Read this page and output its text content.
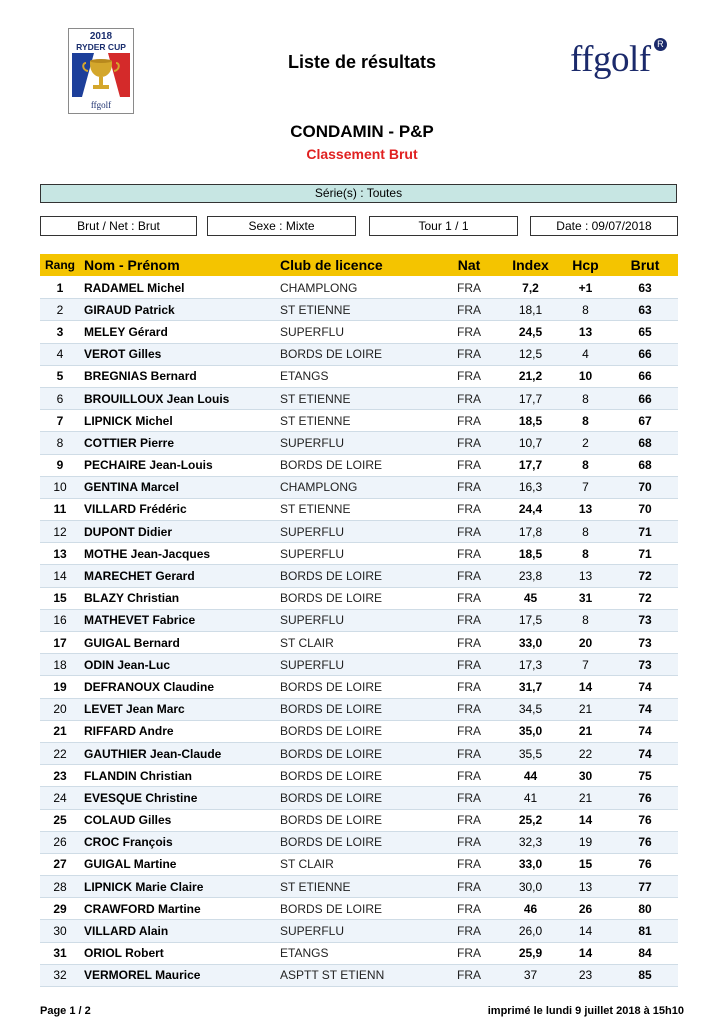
2018
RYDER CUP
ffgolf
ffgolf R
Liste de résultats
CONDAMIN - P&P
Classement Brut
Série(s) : Toutes
Brut / Net : Brut	Sexe : Mixte	Tour 1 / 1	Date : 09/07/2018
Rang	Nom - Prénom	Club de licence	Nat	Index	Hcp	Brut
1	RADAMEL Michel	CHAMPLONG	FRA	7,2	+1	63
2	GIRAUD Patrick	ST ETIENNE	FRA	18,1	8	63
3	MELEY Gérard	SUPERFLU	FRA	24,5	13	65
4	VEROT Gilles	BORDS DE LOIRE	FRA	12,5	4	66
5	BREGNIAS Bernard	ETANGS	FRA	21,2	10	66
6	BROUILLOUX Jean Louis	ST ETIENNE	FRA	17,7	8	66
7	LIPNICK Michel	ST ETIENNE	FRA	18,5	8	67
8	COTTIER Pierre	SUPERFLU	FRA	10,7	2	68
9	PECHAIRE Jean-Louis	BORDS DE LOIRE	FRA	17,7	8	68
10	GENTINA Marcel	CHAMPLONG	FRA	16,3	7	70
11	VILLARD Frédéric	ST ETIENNE	FRA	24,4	13	70
12	DUPONT Didier	SUPERFLU	FRA	17,8	8	71
13	MOTHE Jean-Jacques	SUPERFLU	FRA	18,5	8	71
14	MARECHET Gerard	BORDS DE LOIRE	FRA	23,8	13	72
15	BLAZY Christian	BORDS DE LOIRE	FRA	45	31	72
16	MATHEVET Fabrice	SUPERFLU	FRA	17,5	8	73
17	GUIGAL Bernard	ST CLAIR	FRA	33,0	20	73
18	ODIN Jean-Luc	SUPERFLU	FRA	17,3	7	73
19	DEFRANOUX Claudine	BORDS DE LOIRE	FRA	31,7	14	74
20	LEVET Jean Marc	BORDS DE LOIRE	FRA	34,5	21	74
21	RIFFARD Andre	BORDS DE LOIRE	FRA	35,0	21	74
22	GAUTHIER Jean-Claude	BORDS DE LOIRE	FRA	35,5	22	74
23	FLANDIN Christian	BORDS DE LOIRE	FRA	44	30	75
24	EVESQUE Christine	BORDS DE LOIRE	FRA	41	21	76
25	COLAUD Gilles	BORDS DE LOIRE	FRA	25,2	14	76
26	CROC François	BORDS DE LOIRE	FRA	32,3	19	76
27	GUIGAL Martine	ST CLAIR	FRA	33,0	15	76
28	LIPNICK Marie Claire	ST ETIENNE	FRA	30,0	13	77
29	CRAWFORD Martine	BORDS DE LOIRE	FRA	46	26	80
30	VILLARD Alain	SUPERFLU	FRA	26,0	14	81
31	ORIOL Robert	ETANGS	FRA	25,9	14	84
32	VERMOREL Maurice	ASPTT ST ETIENN	FRA	37	23	85
Page 1 / 2	imprimé le lundi 9 juillet 2018 à 15h10
